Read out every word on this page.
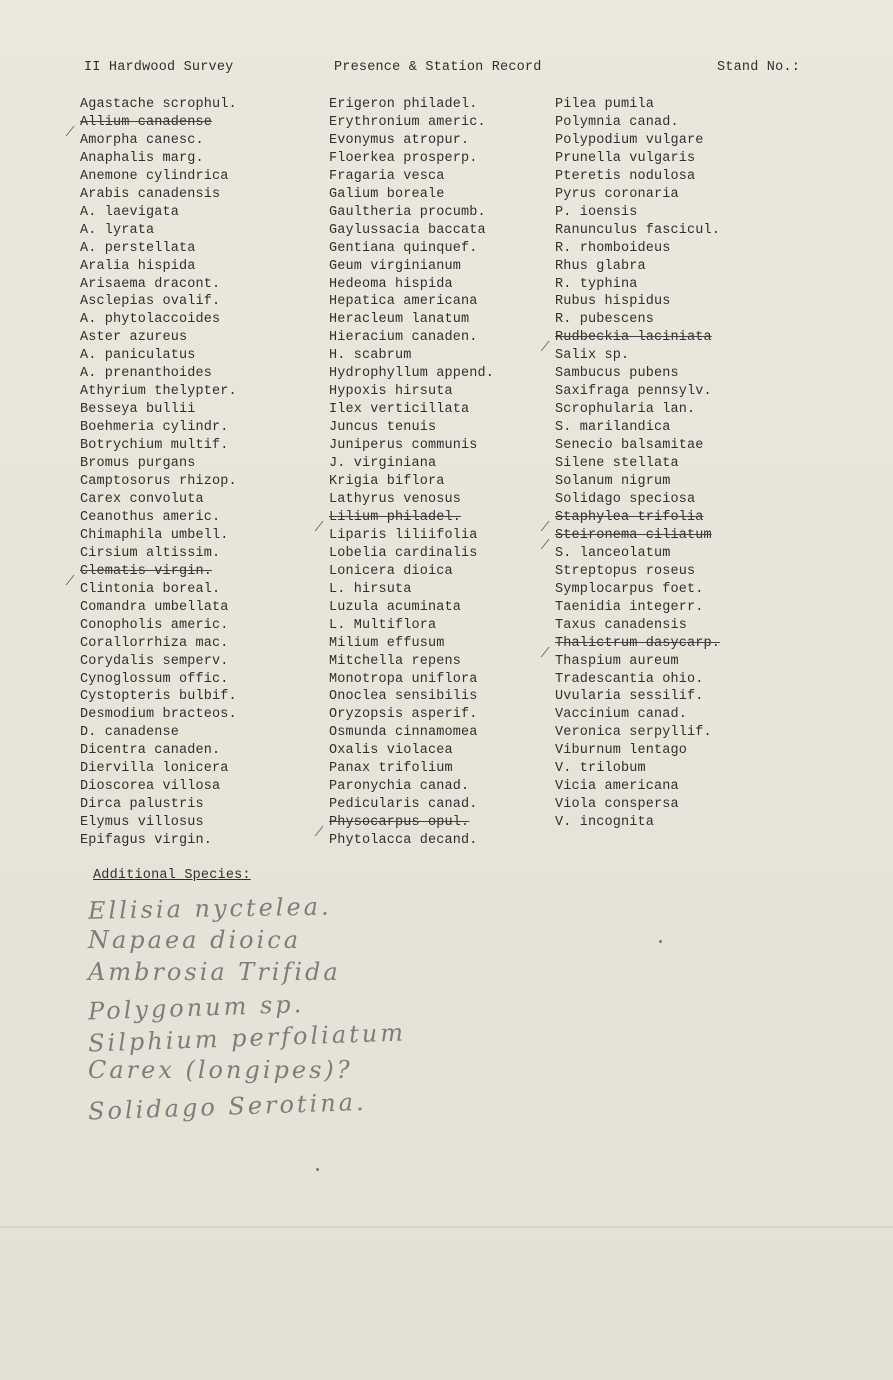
II Hardwood Survey	Presence & Station Record	Stand No.:
Agastache scrophul.
Allium canadense
Amorpha canesc.
Anaphalis marg.
Anemone cylindrica
Arabis canadensis
A. laevigata
A. lyrata
A. perstellata
Aralia hispida
Arisaema dracont.
Asclepias ovalif.
A. phytolaccoides
Aster azureus
A. paniculatus
A. prenanthoides
Athyrium thelypter.
Besseya bullii
Boehmeria cylindr.
Botrychium multif.
Bromus purgans
Camptosorus rhizop.
Carex convoluta
Ceanothus americ.
Chimaphila umbell.
Cirsium altissim.
Clematis virgin.
Clintonia boreal.
Comandra umbellata
Conopholis americ.
Corallorrhiza mac.
Corydalis semperv.
Cynoglossum offic.
Cystopteris bulbif.
Desmodium bracteos.
D. canadense
Dicentra canaden.
Diervilla lonicera
Dioscorea villosa
Dirca palustris
Elymus villosus
Epifagus virgin.
Erigeron philadel.
Erythronium americ.
Evonymus atropur.
Floerkea prosperp.
Fragaria vesca
Galium boreale
Gaultheria procumb.
Gaylussacia baccata
Gentiana quinquef.
Geum virginianum
Hedeoma hispida
Hepatica americana
Heracleum lanatum
Hieracium canaden.
H. scabrum
Hydrophyllum append.
Hypoxis hirsuta
Ilex verticillata
Juncus tenuis
Juniperus communis
J. virginiana
Krigia biflora
Lathyrus venosus
Lilium philadel.
Liparis liliifolia
Lobelia cardinalis
Lonicera dioica
L. hirsuta
Luzula acuminata
L. Multiflora
Milium effusum
Mitchella repens
Monotropa uniflora
Onoclea sensibilis
Oryzopsis asperif.
Osmunda cinnamomea
Oxalis violacea
Panax trifolium
Paronychia canad.
Pedicularis canad.
Physocarpus opul.
Phytolacca decand.
Pilea pumila
Polymnia canad.
Polypodium vulgare
Prunella vulgaris
Pteretis nodulosa
Pyrus coronaria
P. ioensis
Ranunculus fascicul.
R. rhomboideus
Rhus glabra
R. typhina
Rubus hispidus
R. pubescens
Rudbeckia laciniata
Salix sp.
Sambucus pubens
Saxifraga pennsylv.
Scrophularia lan.
S. marilandica
Senecio balsamitae
Silene stellata
Solanum nigrum
Solidago speciosa
Staphylea trifolia
Steironema ciliatum
S. lanceolatum
Streptopus roseus
Symplocarpus foet.
Taenidia integerr.
Taxus canadensis
Thalictrum dasycarp.
Thaspium aureum
Tradescantia ohio.
Uvularia sessilif.
Vaccinium canad.
Veronica serpyllif.
Viburnum lentago
V. trilobum
Vicia americana
Viola conspersa
V. incognita
Additional Species:
Ellisia nyctelea.
Napaea dioica
Ambrosia Trifida
Polygonum sp.
Silphium perfoliatum
Carex (longipes)?
Solidago Serotina.
